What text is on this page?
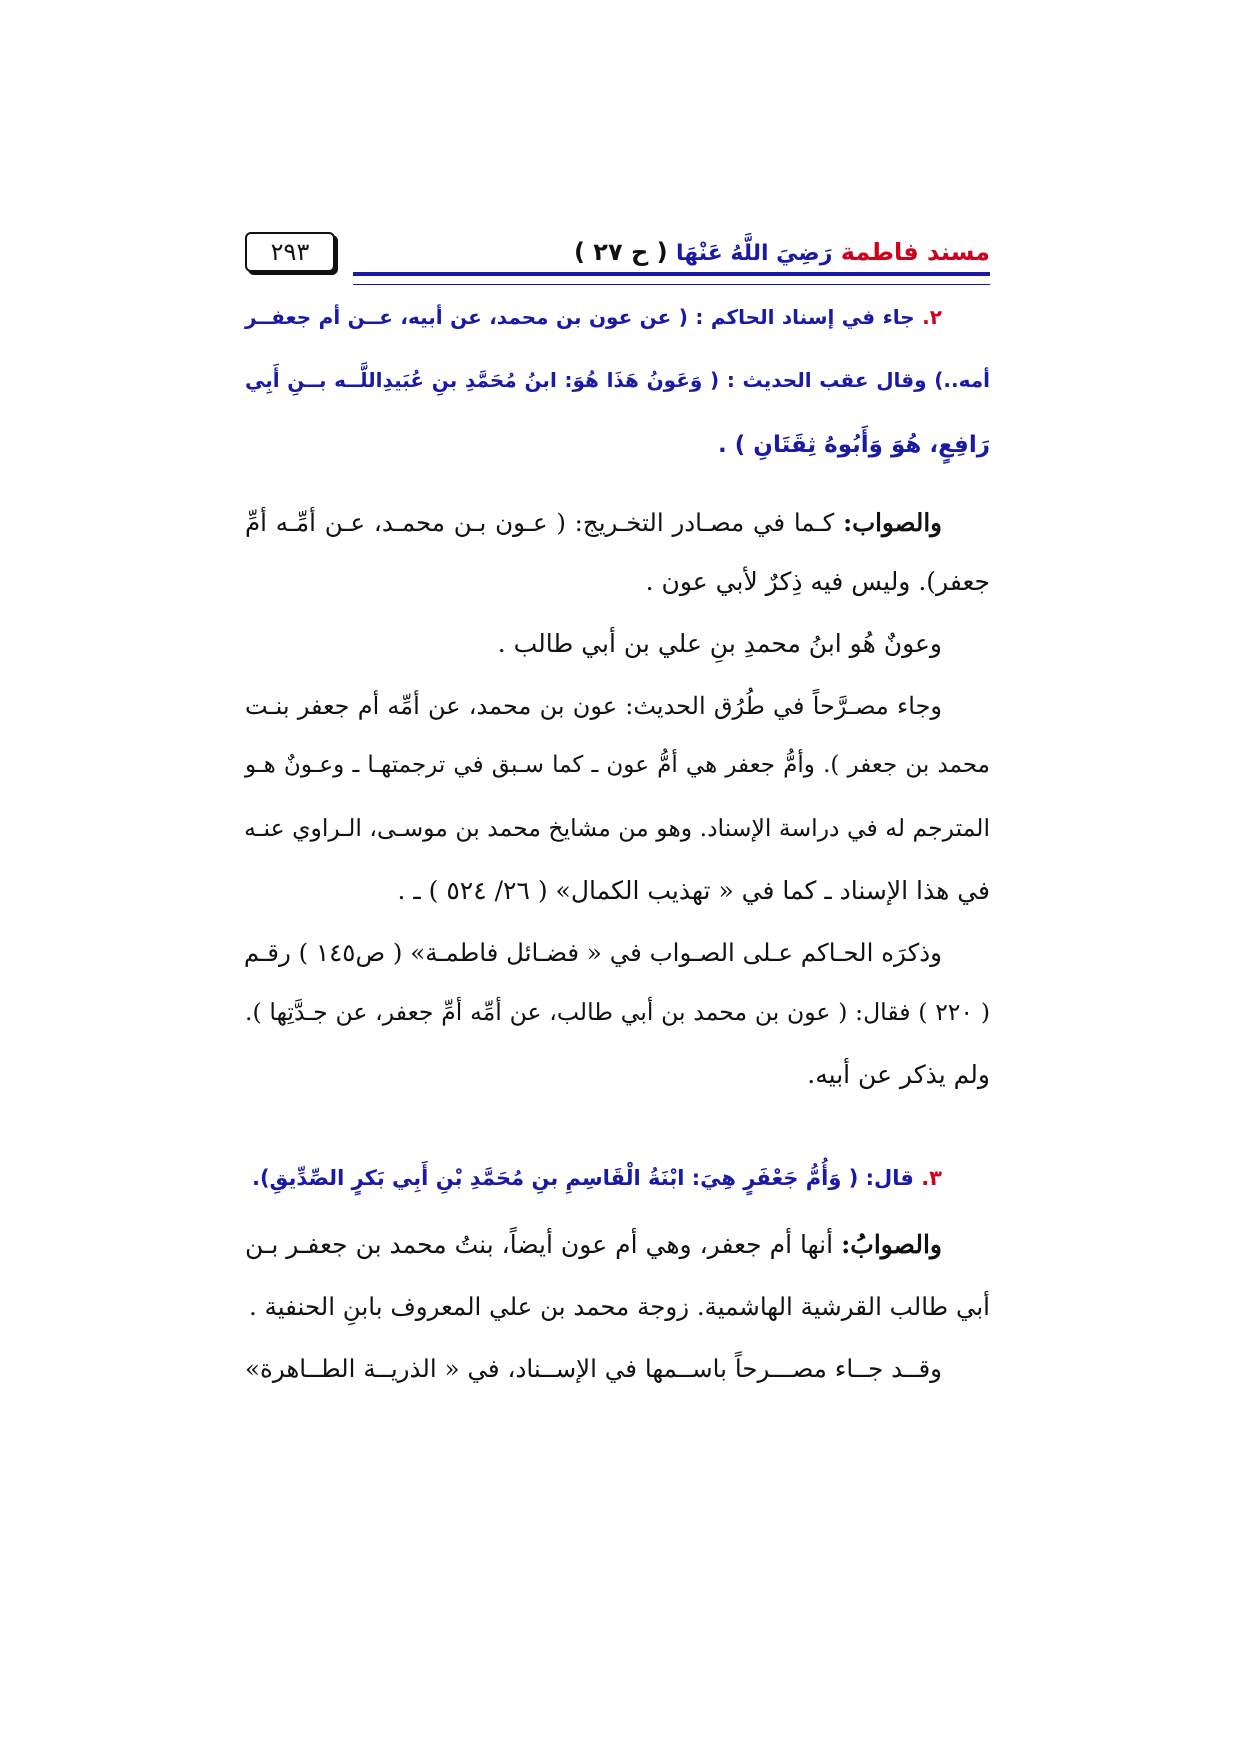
٢٩٣	مسند فاطمة رَضِيَ اللَّهُ عَنْهَا ( ح ٢٧ )
٢. جاء في إسناد الحاكم : ( عن عون بن محمد، عن أبيه، عــن أم جعفــر
أمه..) وقال عقب الحديث : ( وَعَونُ هَذَا هُوَ: ابنُ مُحَمَّدِ بنِ عُبَيدِاللَّــه بــنِ أَبِي
رَافِعٍ، هُوَ وَأَبُوهُ ثِقَتَانِ ) .
والصواب: كـما في مصـادر التخـريج: ( عـون بـن محمـد، عـن أمِّـه أمِّ
جعفر). وليس فيه ذِكرٌ لأبي عون .
وعونٌ هُو ابنُ محمدِ بنِ علي بن أبي طالب .
وجاء مصـرَّحاً في طُرُق الحديث: عون بن محمد، عن أمِّه أم جعفر بنـت
محمد بن جعفر ). وأمُّ جعفر هي أمُّ عون ـ كما سـبق في ترجمتهـا ـ وعـونٌ هـو
المترجم له في دراسة الإسناد. وهو من مشايخ محمد بن موسـى، الـراوي عنـه
في هذا الإسناد ـ كما في « تهذيب الكمال» ( ٢٦/ ٥٢٤ ) ـ .
وذكرَه الحـاكم عـلى الصـواب في « فضـائل فاطمـة» ( ص١٤٥ ) رقـم
( ٢٢٠ ) فقال: ( عون بن محمد بن أبي طالب، عن أمِّه أمِّ جعفر، عن جـدَّتِها ).
ولم يذكر عن أبيه.
٣. قال: ( وَأُمُّ جَعْفَرٍ هِيَ: ابْنَةُ الْقَاسِمِ بنِ مُحَمَّدِ بْنِ أَبِي بَكرٍ الصِّدِّيقِ).
والصوابُ: أنها أم جعفر، وهي أم عون أيضاً، بنتُ محمد بن جعفـر بـن
أبي طالب القرشية الهاشمية. زوجة محمد بن علي المعروف بابنِ الحنفية .
وقــد جــاء مصـــرحاً باســمها في الإســناد، في « الذريــة الطــاهرة»
